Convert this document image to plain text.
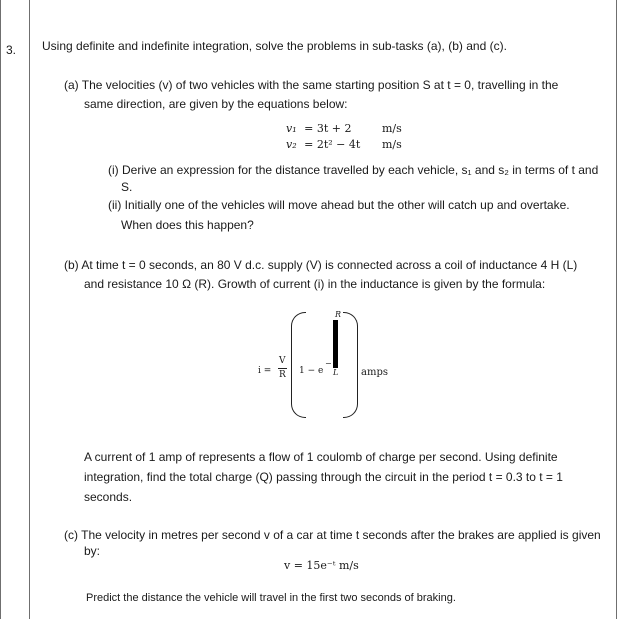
3. Using definite and indefinite integration, solve the problems in sub-tasks (a), (b) and (c).
(a) The velocities (v) of two vehicles with the same starting position S at t = 0, travelling in the
same direction, are given by the equations below:
v₁ = 3t + 2	m/s
v₂ = 2t² − 4t m/s
(i) Derive an expression for the distance travelled by each vehicle, s₁ and s₂ in terms of t and
S.
(ii) Initially one of the vehicles will move ahead but the other will catch up and overtake.
When does this happen?
(b) At time t = 0 seconds, an 80 V d.c. supply (V) is connected across a coil of inductance 4 H (L)
and resistance 10 Ω (R). Growth of current (i) in the inductance is given by the formula:
i =
V
R 1 − e
−
R
L amps
A current of 1 amp of represents a flow of 1 coulomb of charge per second. Using definite
integration, find the total charge (Q) passing through the circuit in the period t = 0.3 to t = 1
seconds.
(c) The velocity in metres per second v of a car at time t seconds after the brakes are applied is given
by:
v = 15e⁻ᵗ m/s
Predict the distance the vehicle will travel in the first two seconds of braking.
